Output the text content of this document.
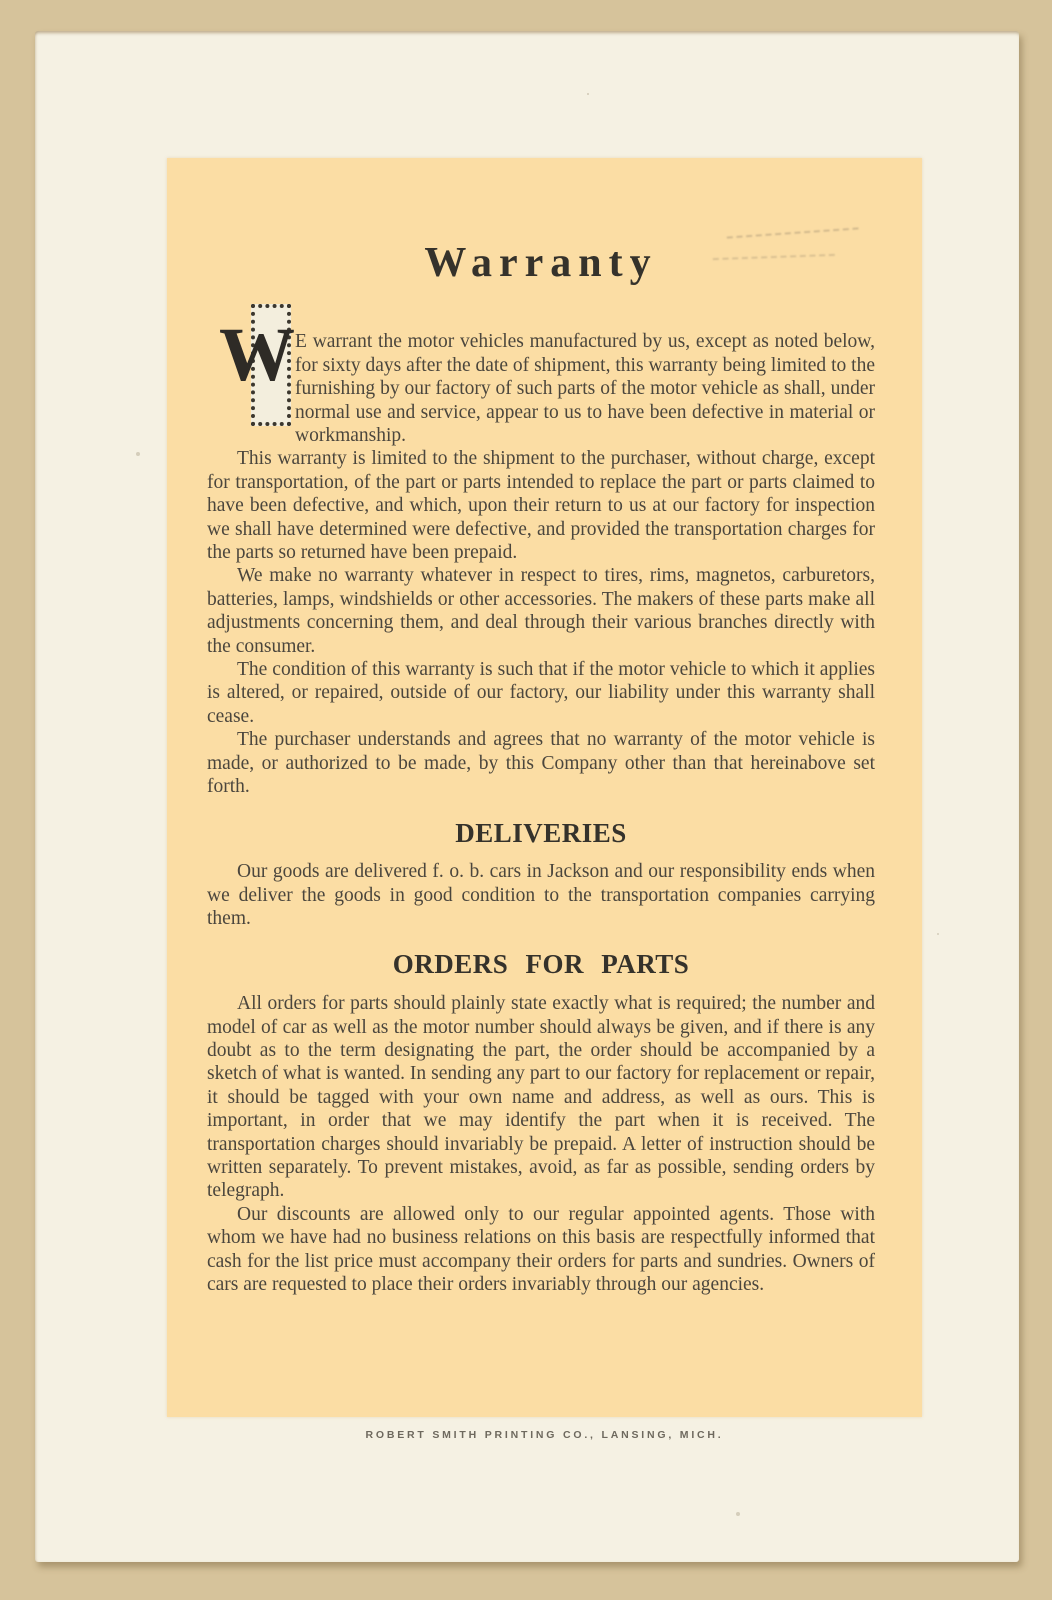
Warranty

W E warrant the motor vehicles manufactured by us, except as noted below, for sixty days after the date of shipment, this warranty being limited to the furnishing by our factory of such parts of the motor vehicle as shall, under normal use and service, appear to us to have been defective in material or workmanship.

This warranty is limited to the shipment to the purchaser, without charge, except for transportation, of the part or parts intended to replace the part or parts claimed to have been defective, and which, upon their return to us at our factory for inspection we shall have determined were defective, and provided the transportation charges for the parts so returned have been prepaid.

We make no warranty whatever in respect to tires, rims, magnetos, carburetors, batteries, lamps, windshields or other accessories. The makers of these parts make all adjustments concerning them, and deal through their various branches directly with the consumer.

The condition of this warranty is such that if the motor vehicle to which it applies is altered, or repaired, outside of our factory, our liability under this warranty shall cease.

The purchaser understands and agrees that no warranty of the motor vehicle is made, or authorized to be made, by this Company other than that hereinabove set forth.

DELIVERIES

Our goods are delivered f. o. b. cars in Jackson and our responsibility ends when we deliver the goods in good condition to the transportation companies carrying them.

ORDERS FOR PARTS

All orders for parts should plainly state exactly what is required; the number and model of car as well as the motor number should always be given, and if there is any doubt as to the term designating the part, the order should be accompanied by a sketch of what is wanted. In sending any part to our factory for replacement or repair, it should be tagged with your own name and address, as well as ours. This is important, in order that we may identify the part when it is received. The transportation charges should invariably be prepaid. A letter of instruction should be written separately. To prevent mistakes, avoid, as far as possible, sending orders by telegraph.

Our discounts are allowed only to our regular appointed agents. Those with whom we have had no business relations on this basis are respectfully informed that cash for the list price must accompany their orders for parts and sundries. Owners of cars are requested to place their orders invariably through our agencies.

ROBERT SMITH PRINTING CO., LANSING, MICH.
